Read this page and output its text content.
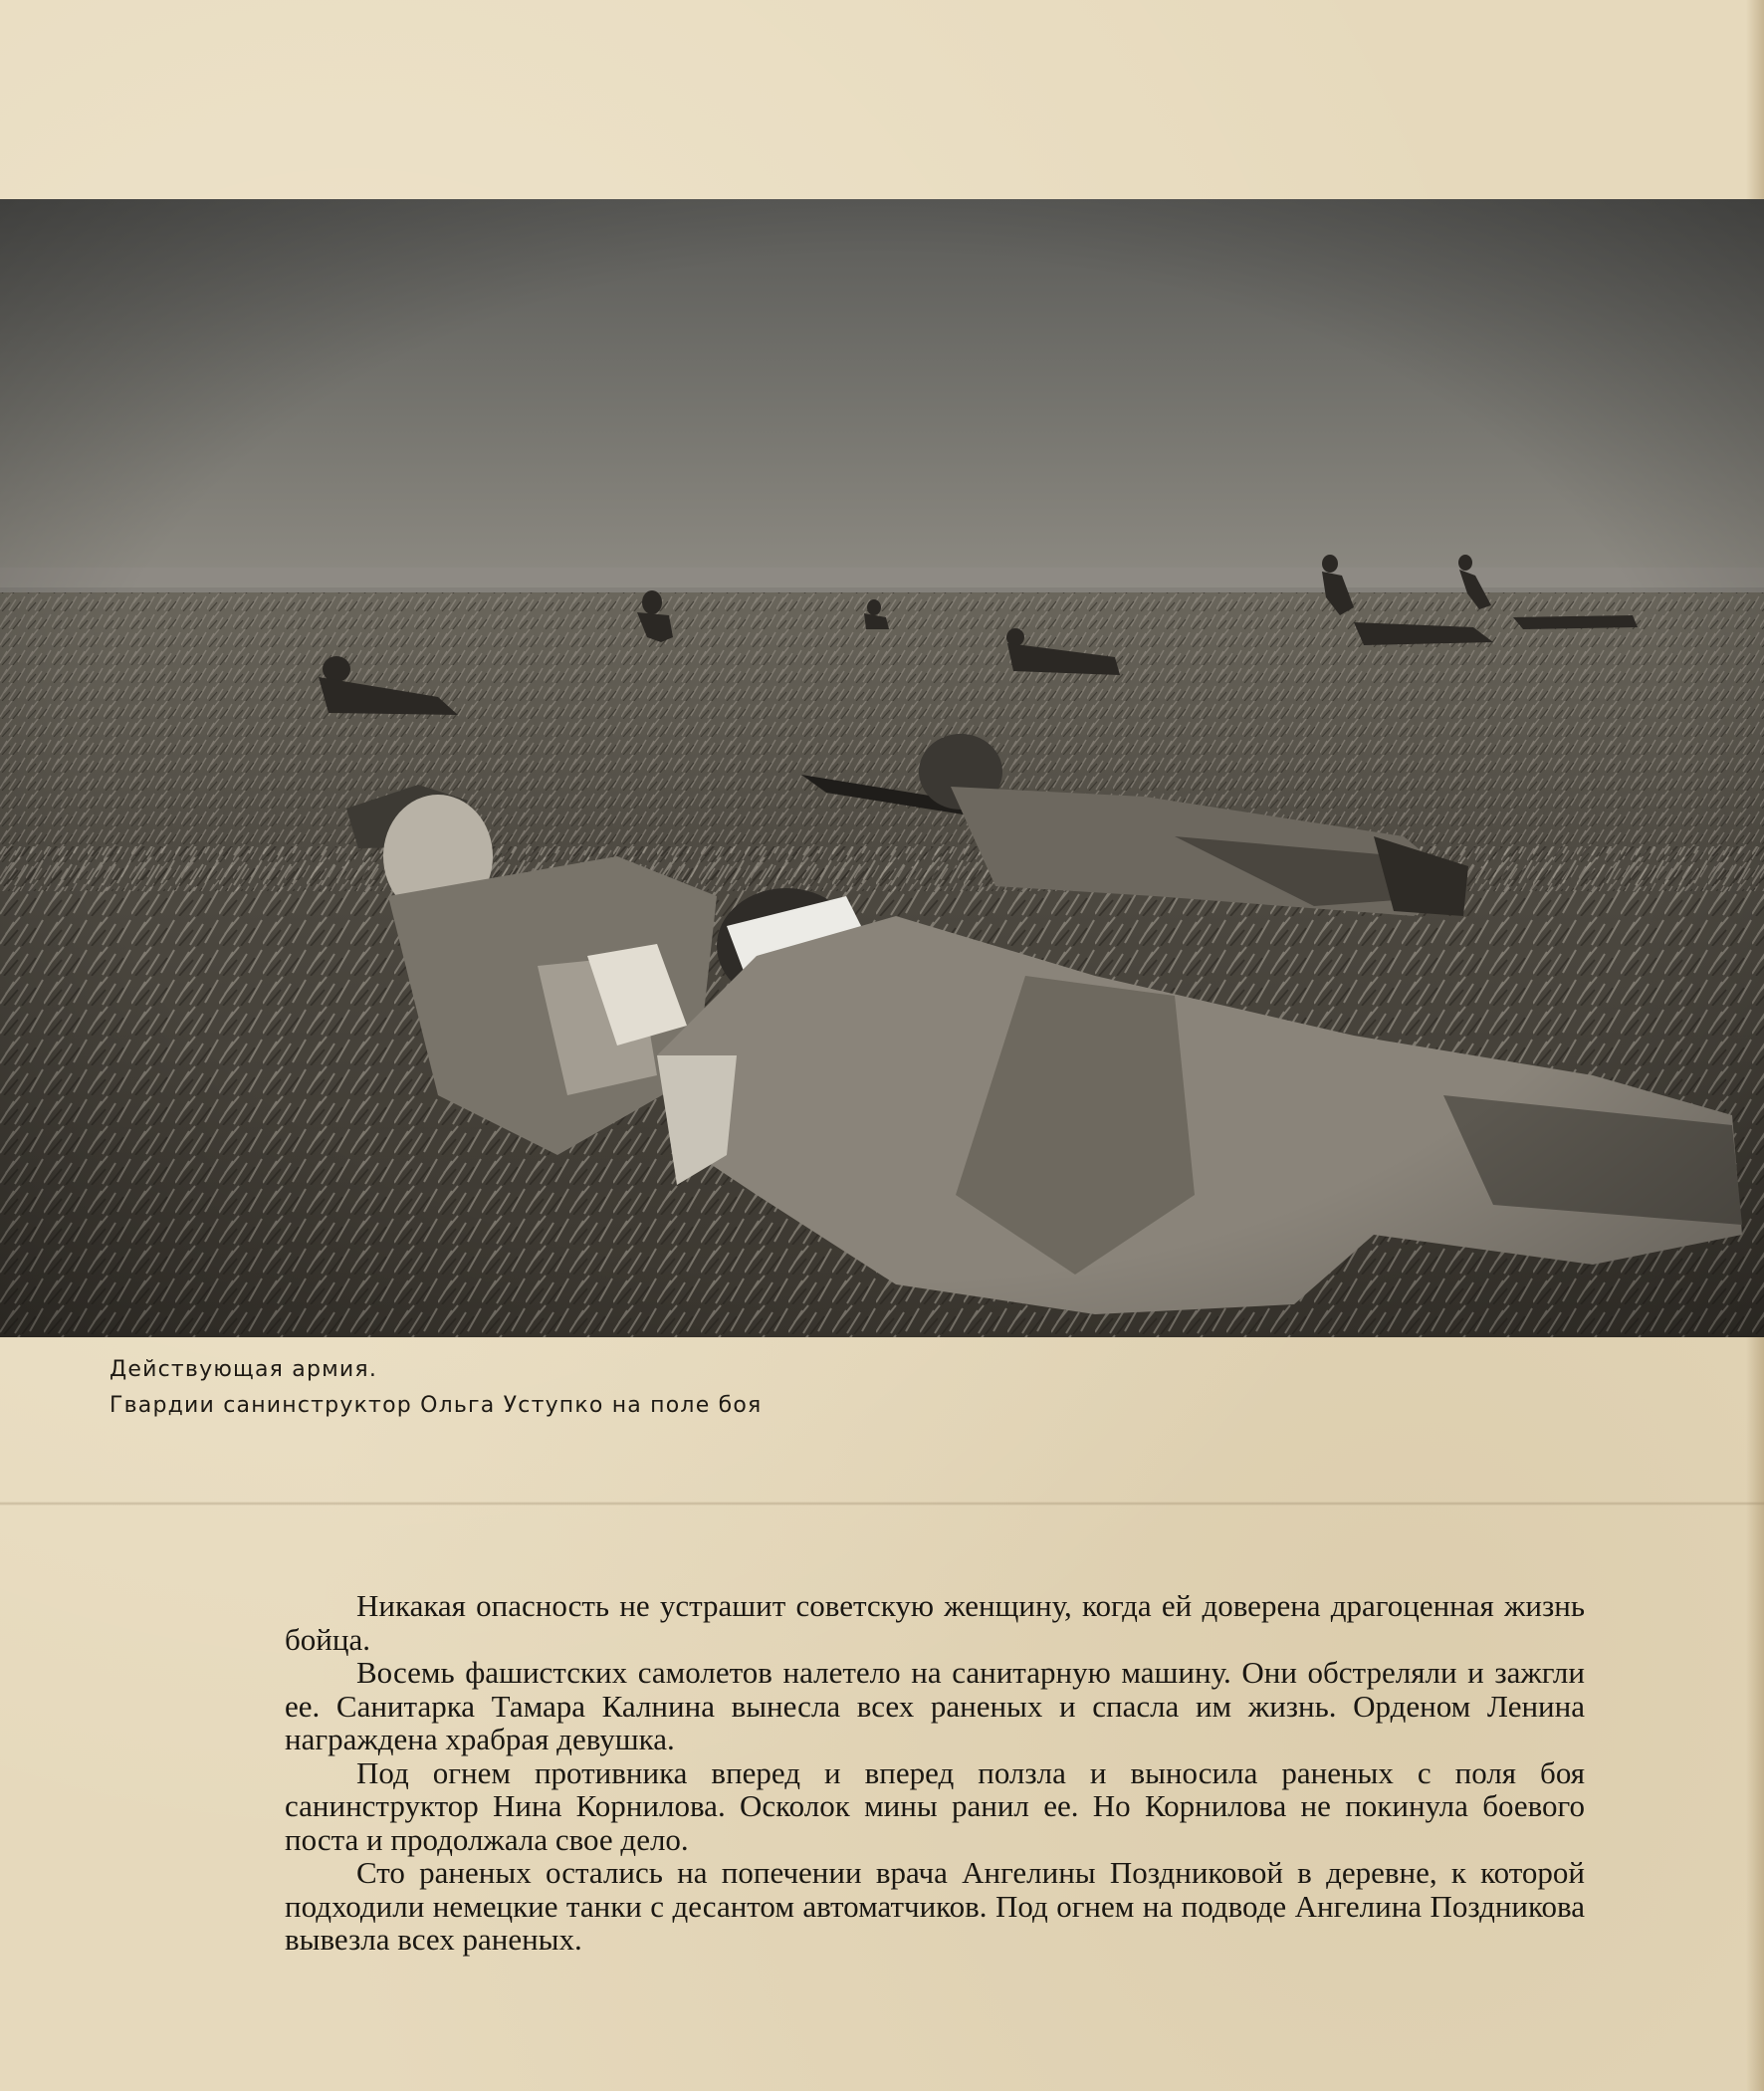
Действующая армия.
Гвардии санинструктор Ольга Уступко на поле боя

Никакая опасность не устрашит советскую женщину, когда ей доверена драгоценная жизнь бойца.

Восемь фашистских самолетов налетело на санитарную машину. Они обстреляли и зажгли ее. Санитарка Тамара Калнина вынесла всех раненых и спасла им жизнь. Орденом Ленина награждена храбрая девушка.

Под огнем противника вперед и вперед ползла и выносила раненых с поля боя санинструктор Нина Корнилова. Осколок мины ранил ее. Но Корнилова не покинула боевого поста и продолжала свое дело.

Сто раненых остались на попечении врача Ангелины Поздниковой в деревне, к которой подходили немецкие танки с десантом автоматчиков. Под огнем на подводе Ангелина Поздникова вывезла всех раненых.
